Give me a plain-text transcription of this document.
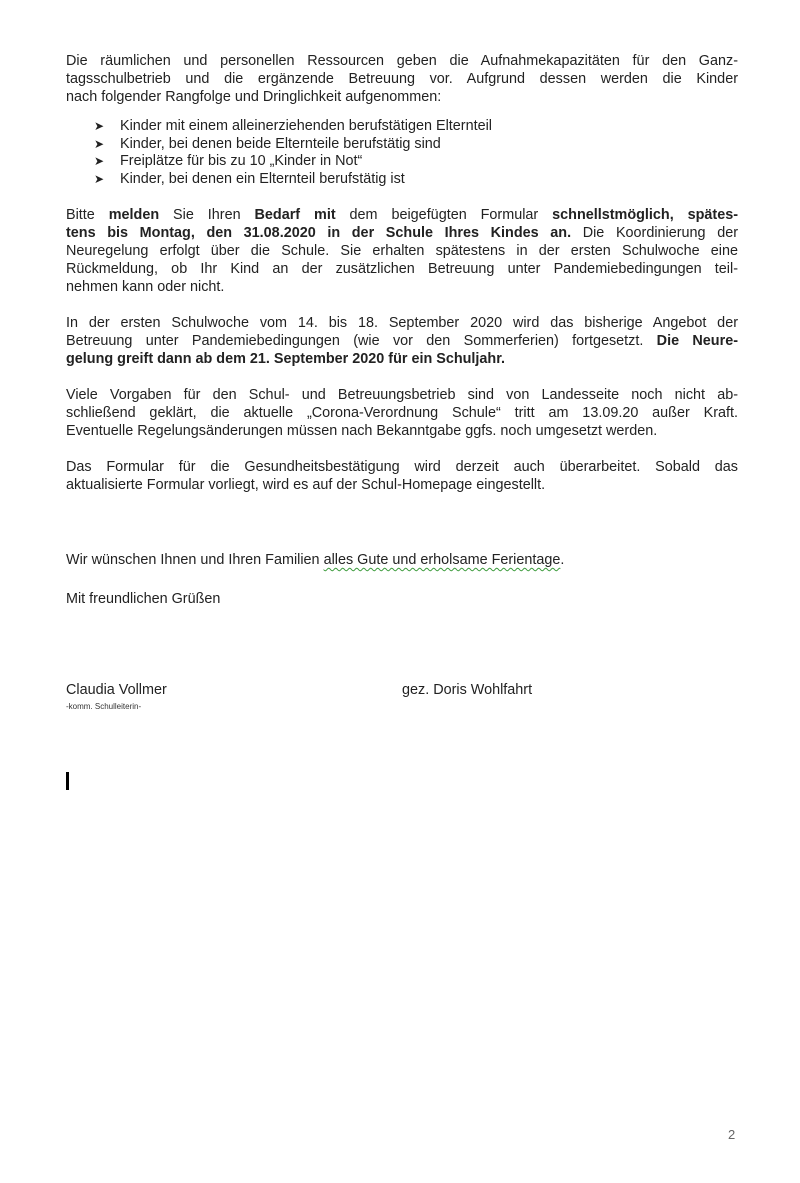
Die räumlichen und personellen Ressourcen geben die Aufnahmekapazitäten für den Ganz-
tagsschulbetrieb und die ergänzende Betreuung vor. Aufgrund dessen werden die Kinder
nach folgender Rangfolge und Dringlichkeit aufgenommen:

➤ Kinder mit einem alleinerziehenden berufstätigen Elternteil
➤ Kinder, bei denen beide Elternteile berufstätig sind
➤ Freiplätze für bis zu 10 „Kinder in Not“
➤ Kinder, bei denen ein Elternteil berufstätig ist

Bitte melden Sie Ihren Bedarf mit dem beigefügten Formular schnellstmöglich, spätes-
tens bis Montag, den 31.08.2020 in der Schule Ihres Kindes an. Die Koordinierung der
Neuregelung erfolgt über die Schule. Sie erhalten spätestens in der ersten Schulwoche eine
Rückmeldung, ob Ihr Kind an der zusätzlichen Betreuung unter Pandemiebedingungen teil-
nehmen kann oder nicht.

In der ersten Schulwoche vom 14. bis 18. September 2020 wird das bisherige Angebot der
Betreuung unter Pandemiebedingungen (wie vor den Sommerferien) fortgesetzt. Die Neure-
gelung greift dann ab dem 21. September 2020 für ein Schuljahr.

Viele Vorgaben für den Schul- und Betreuungsbetrieb sind von Landesseite noch nicht ab-
schließend geklärt, die aktuelle „Corona-Verordnung Schule“ tritt am 13.09.20 außer Kraft.
Eventuelle Regelungsänderungen müssen nach Bekanntgabe ggfs. noch umgesetzt werden.

Das Formular für die Gesundheitsbestätigung wird derzeit auch überarbeitet. Sobald das
aktualisierte Formular vorliegt, wird es auf der Schul-Homepage eingestellt.

Wir wünschen Ihnen und Ihren Familien alles Gute und erholsame Ferientage.
Mit freundlichen Grüßen
Claudia Vollmer
-komm. Schulleiterin-
gez. Doris Wohlfahrt
2
